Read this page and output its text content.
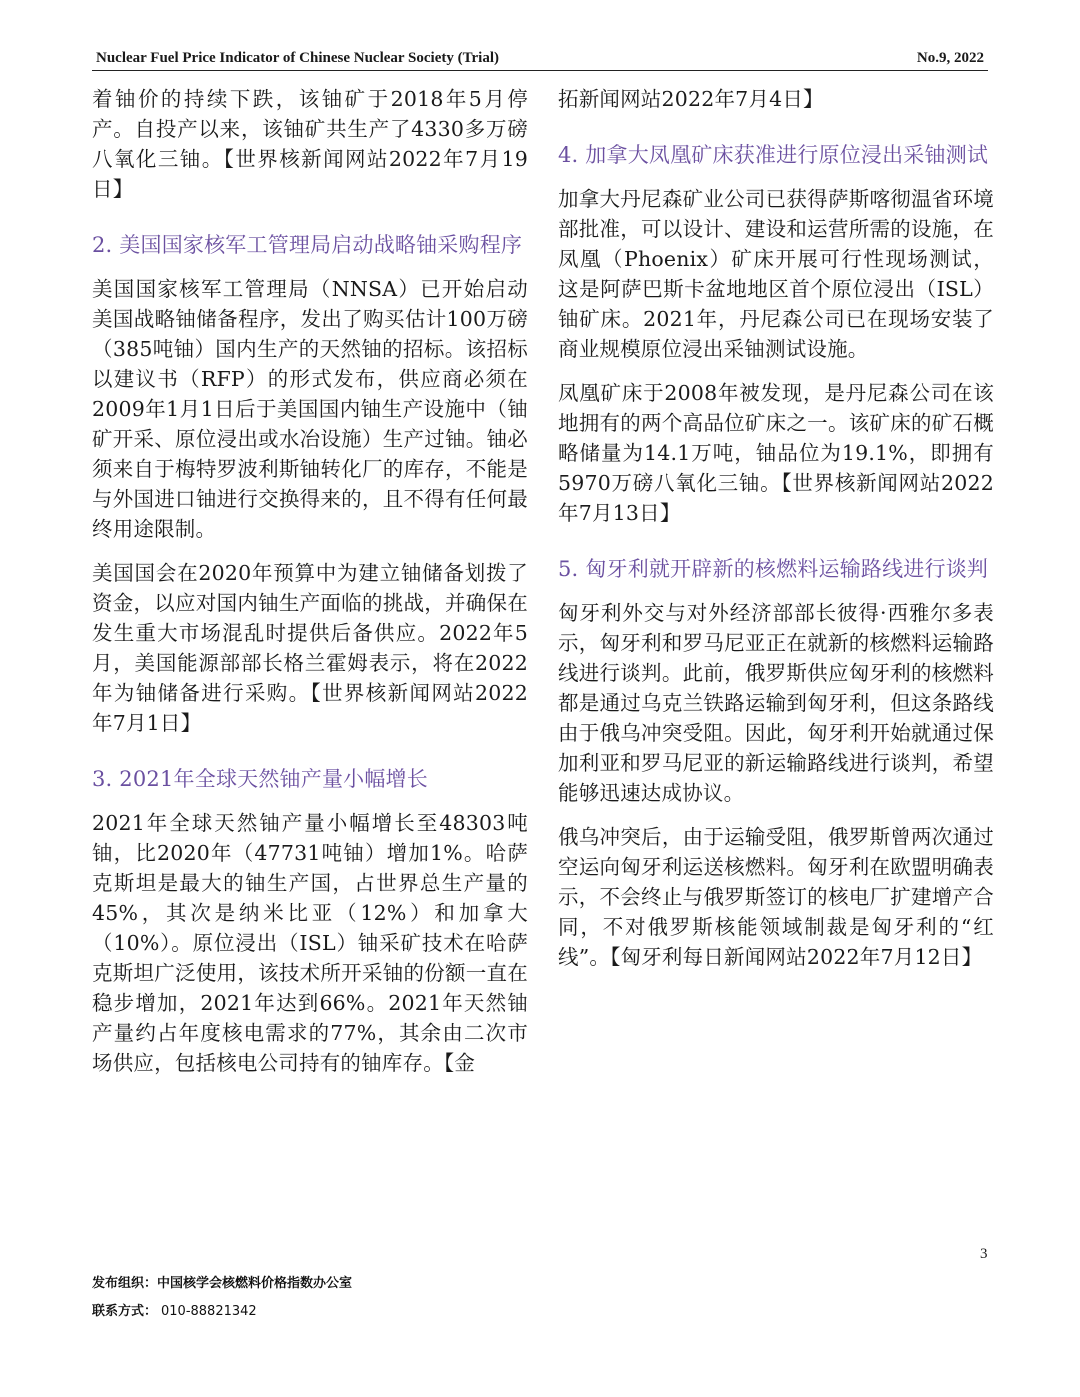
Nuclear Fuel Price Indicator of Chinese Nuclear Society (Trial)	No.9, 2022

着铀价的持续下跌，该铀矿于2018年5月停产。自投产以来，该铀矿共生产了4330多万磅八氧化三铀。【世界核新闻网站2022年7月19日】

2. 美国国家核军工管理局启动战略铀采购程序

美国国家核军工管理局（NNSA）已开始启动美国战略铀储备程序，发出了购买估计100万磅（385吨铀）国内生产的天然铀的招标。该招标以建议书（RFP）的形式发布，供应商必须在2009年1月1日后于美国国内铀生产设施中（铀矿开采、原位浸出或水冶设施）生产过铀。铀必须来自于梅特罗波利斯铀转化厂的库存，不能是与外国进口铀进行交换得来的，且不得有任何最终用途限制。

美国国会在2020年预算中为建立铀储备划拨了资金，以应对国内铀生产面临的挑战，并确保在发生重大市场混乱时提供后备供应。2022年5月，美国能源部部长格兰霍姆表示，将在2022年为铀储备进行采购。【世界核新闻网站2022年7月1日】

3. 2021年全球天然铀产量小幅增长

2021年全球天然铀产量小幅增长至48303吨铀，比2020年（47731吨铀）增加1%。哈萨克斯坦是最大的铀生产国，占世界总生产量的45%，其次是纳米比亚（12%）和加拿大（10%）。原位浸出（ISL）铀采矿技术在哈萨克斯坦广泛使用，该技术所开采铀的份额一直在稳步增加，2021年达到66%。2021年天然铀产量约占年度核电需求的77%，其余由二次市场供应，包括核电公司持有的铀库存。【金

拓新闻网站2022年7月4日】

4. 加拿大凤凰矿床获准进行原位浸出采铀测试

加拿大丹尼森矿业公司已获得萨斯喀彻温省环境部批准，可以设计、建设和运营所需的设施，在凤凰（Phoenix）矿床开展可行性现场测试，这是阿萨巴斯卡盆地地区首个原位浸出（ISL）铀矿床。2021年，丹尼森公司已在现场安装了商业规模原位浸出采铀测试设施。

凤凰矿床于2008年被发现，是丹尼森公司在该地拥有的两个高品位矿床之一。该矿床的矿石概略储量为14.1万吨，铀品位为19.1%，即拥有5970万磅八氧化三铀。【世界核新闻网站2022年7月13日】

5. 匈牙利就开辟新的核燃料运输路线进行谈判

匈牙利外交与对外经济部部长彼得·西雅尔多表示，匈牙利和罗马尼亚正在就新的核燃料运输路线进行谈判。此前，俄罗斯供应匈牙利的核燃料都是通过乌克兰铁路运输到匈牙利，但这条路线由于俄乌冲突受阻。因此，匈牙利开始就通过保加利亚和罗马尼亚的新运输路线进行谈判，希望能够迅速达成协议。

俄乌冲突后，由于运输受阻，俄罗斯曾两次通过空运向匈牙利运送核燃料。匈牙利在欧盟明确表示，不会终止与俄罗斯签订的核电厂扩建增产合同，不对俄罗斯核能领域制裁是匈牙利的“红线”。【匈牙利每日新闻网站2022年7月12日】

3
发布组织：中国核学会核燃料价格指数办公室
联系方式： 010-88821342
